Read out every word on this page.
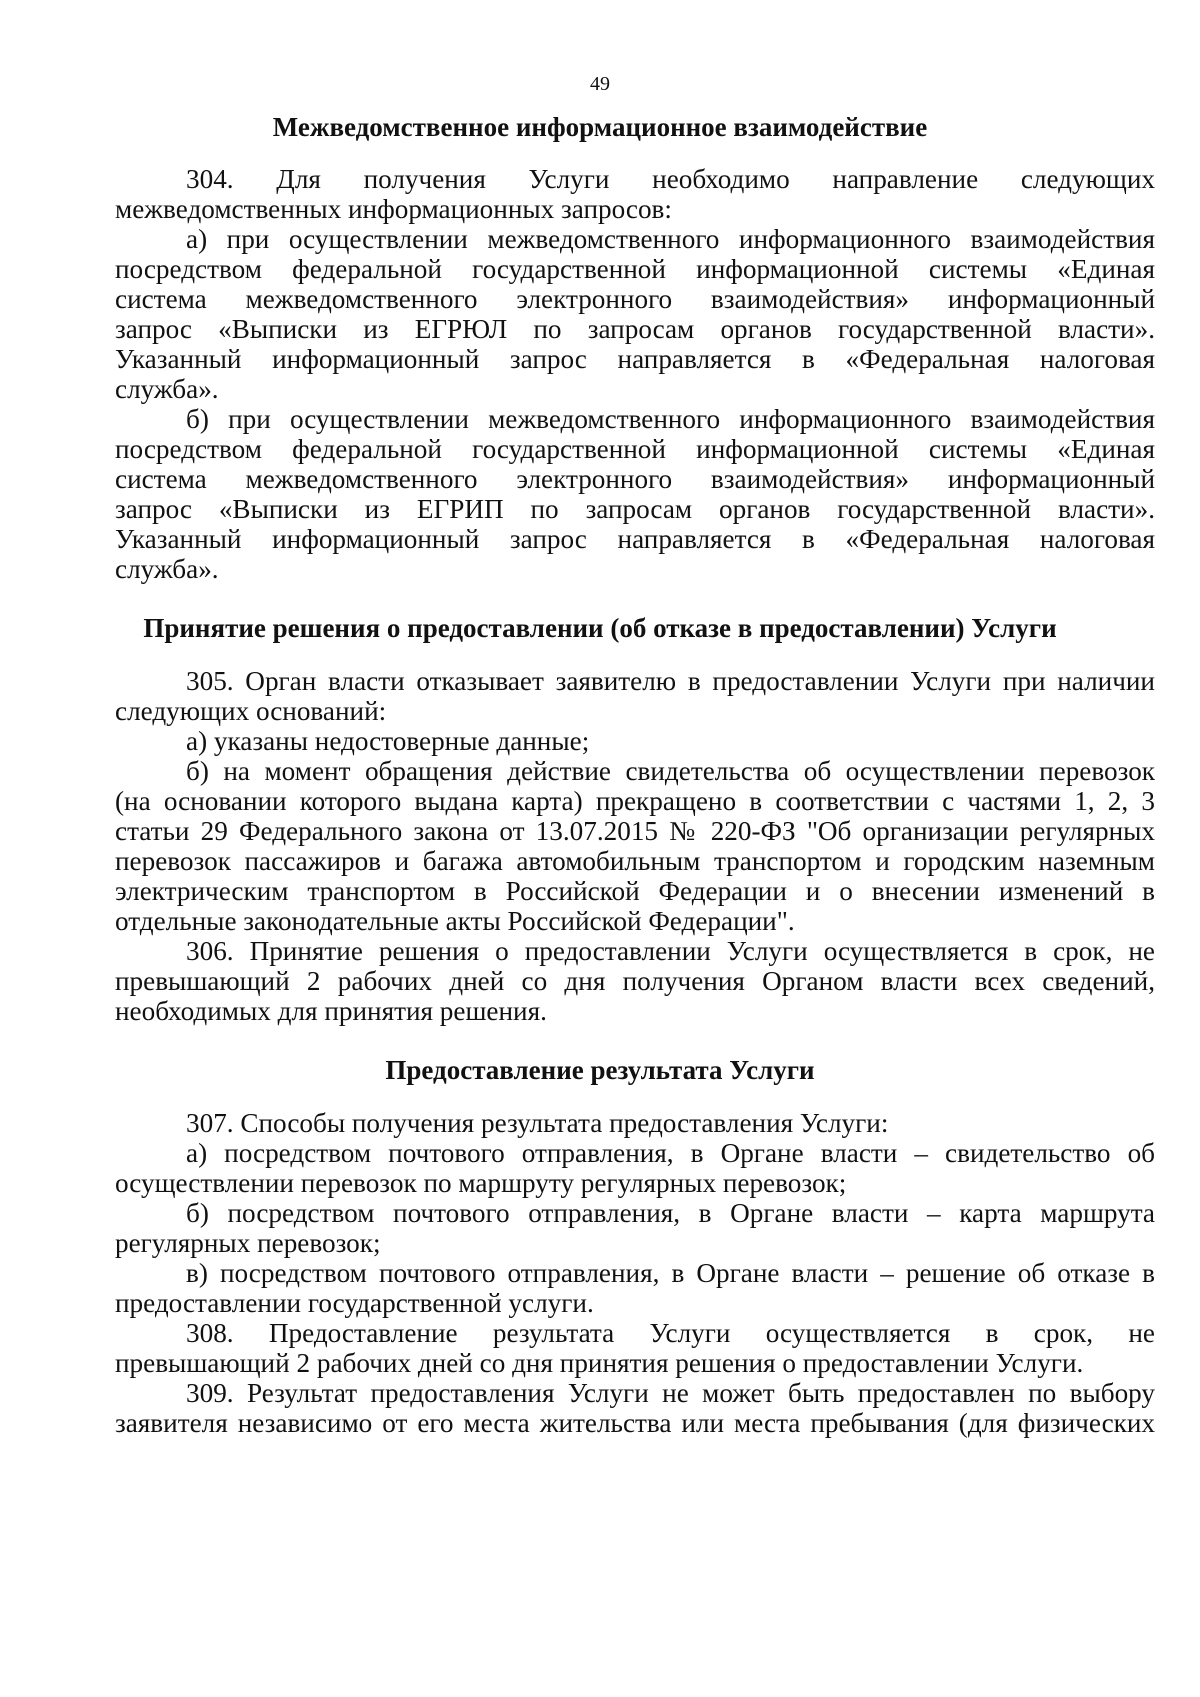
49
Межведомственное информационное взаимодействие
304. Для получения Услуги необходимо направление следующих
межведомственных информационных запросов:
а) при осуществлении межведомственного информационного взаимодействия
посредством федеральной государственной информационной системы «Единая
система межведомственного электронного взаимодействия» информационный
запрос «Выписки из ЕГРЮЛ по запросам органов государственной власти».
Указанный информационный запрос направляется в «Федеральная налоговая
служба».
б) при осуществлении межведомственного информационного взаимодействия
посредством федеральной государственной информационной системы «Единая
система межведомственного электронного взаимодействия» информационный
запрос «Выписки из ЕГРИП по запросам органов государственной власти».
Указанный информационный запрос направляется в «Федеральная налоговая
служба».
Принятие решения о предоставлении (об отказе в предоставлении) Услуги
305. Орган власти отказывает заявителю в предоставлении Услуги при наличии
следующих оснований:
а) указаны недостоверные данные;
б) на момент обращения действие свидетельства об осуществлении перевозок
(на основании которого выдана карта) прекращено в соответствии с частями 1, 2, 3
статьи 29 Федерального закона от 13.07.2015 № 220-ФЗ "Об организации регулярных
перевозок пассажиров и багажа автомобильным транспортом и городским наземным
электрическим транспортом в Российской Федерации и о внесении изменений в
отдельные законодательные акты Российской Федерации".
306. Принятие решения о предоставлении Услуги осуществляется в срок, не
превышающий 2 рабочих дней со дня получения Органом власти всех сведений,
необходимых для принятия решения.
Предоставление результата Услуги
307. Способы получения результата предоставления Услуги:
а) посредством почтового отправления, в Органе власти – свидетельство об
осуществлении перевозок по маршруту регулярных перевозок;
б) посредством почтового отправления, в Органе власти – карта маршрута
регулярных перевозок;
в) посредством почтового отправления, в Органе власти – решение об отказе в
предоставлении государственной услуги.
308. Предоставление результата Услуги осуществляется в срок, не
превышающий 2 рабочих дней со дня принятия решения о предоставлении Услуги.
309. Результат предоставления Услуги не может быть предоставлен по выбору
заявителя независимо от его места жительства или места пребывания (для физических
